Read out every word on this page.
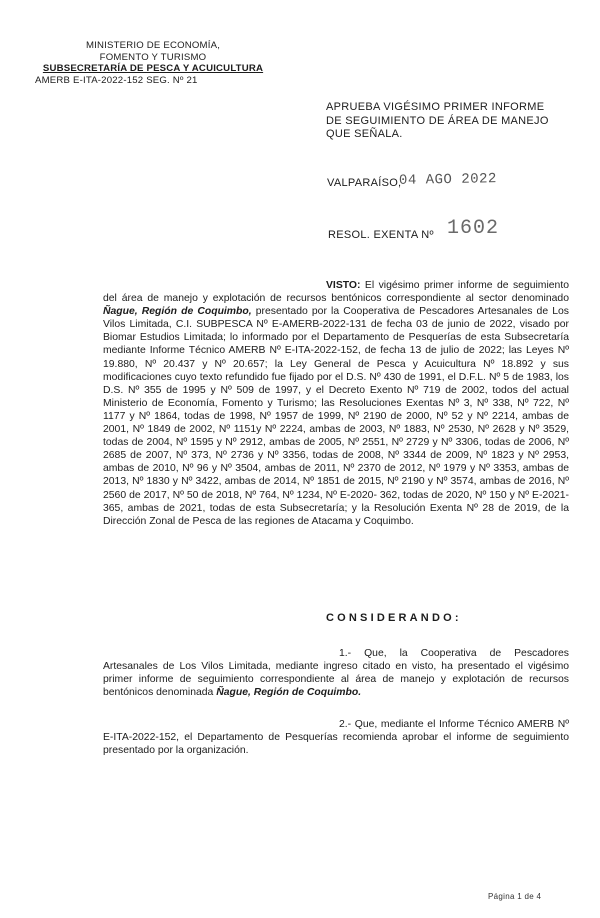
MINISTERIO DE ECONOMÍA,
FOMENTO Y TURISMO
SUBSECRETARÍA DE PESCA Y ACUICULTURA
AMERB E-ITA-2022-152 SEG. Nº 21
APRUEBA VIGÉSIMO PRIMER INFORME
DE SEGUIMIENTO DE ÁREA DE MANEJO
QUE SEÑALA.
VALPARAÍSO,
04 AGO 2022
RESOL. EXENTA Nº 1602
VISTO: El vigésimo primer informe de seguimiento del área de manejo y explotación de recursos bentónicos correspondiente al sector denominado Ñague, Región de Coquimbo, presentado por la Cooperativa de Pescadores Artesanales de Los Vilos Limitada, C.I. SUBPESCA Nº E-AMERB-2022-131 de fecha 03 de junio de 2022, visado por Biomar Estudios Limitada; lo informado por el Departamento de Pesquerías de esta Subsecretaría mediante Informe Técnico AMERB Nº E-ITA-2022-152, de fecha 13 de julio de 2022; las Leyes Nº 19.880, Nº 20.437 y Nº 20.657; la Ley General de Pesca y Acuicultura Nº 18.892 y sus modificaciones cuyo texto refundido fue fijado por el D.S. Nº 430 de 1991, el D.F.L. Nº 5 de 1983, los D.S. Nº 355 de 1995 y Nº 509 de 1997, y el Decreto Exento Nº 719 de 2002, todos del actual Ministerio de Economía, Fomento y Turismo; las Resoluciones Exentas Nº 3, Nº 338, Nº 722, Nº 1177 y Nº 1864, todas de 1998, Nº 1957 de 1999, Nº 2190 de 2000, Nº 52 y Nº 2214, ambas de 2001, Nº 1849 de 2002, Nº 1151y Nº 2224, ambas de 2003, Nº 1883, Nº 2530, Nº 2628 y Nº 3529, todas de 2004, Nº 1595 y Nº 2912, ambas de 2005, Nº 2551, Nº 2729 y Nº 3306, todas de 2006, Nº 2685 de 2007, Nº 373, Nº 2736 y Nº 3356, todas de 2008, Nº 3344 de 2009, Nº 1823 y Nº 2953, ambas de 2010, Nº 96 y Nº 3504, ambas de 2011, Nº 2370 de 2012, Nº 1979 y Nº 3353, ambas de 2013, Nº 1830 y Nº 3422, ambas de 2014, Nº 1851 de 2015, Nº 2190 y Nº 3574, ambas de 2016, Nº 2560 de 2017, Nº 50 de 2018, Nº 764, Nº 1234, Nº E-2020- 362, todas de 2020, Nº 150 y Nº E-2021-365, ambas de 2021, todas de esta Subsecretaría; y la Resolución Exenta Nº 28 de 2019, de la Dirección Zonal de Pesca de las regiones de Atacama y Coquimbo.
CONSIDERANDO:
1.- Que, la Cooperativa de Pescadores Artesanales de Los Vilos Limitada, mediante ingreso citado en visto, ha presentado el vigésimo primer informe de seguimiento correspondiente al área de manejo y explotación de recursos bentónicos denominada Ñague, Región de Coquimbo.
2.- Que, mediante el Informe Técnico AMERB Nº E-ITA-2022-152, el Departamento de Pesquerías recomienda aprobar el informe de seguimiento presentado por la organización.
Página 1 de 4
